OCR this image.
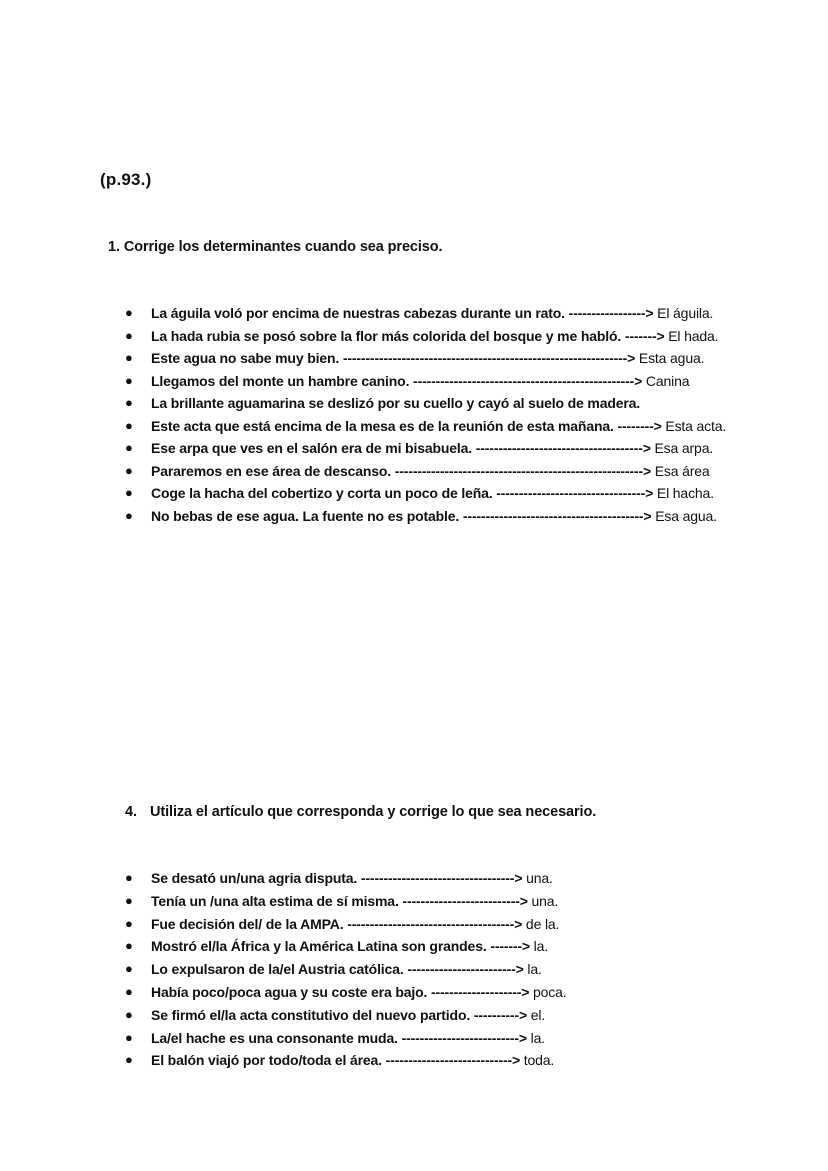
(p.93.)
1. Corrige los determinantes cuando sea preciso.
●	La águila voló por encima de nuestras cabezas durante un rato. -----------------> El águila.
●	La hada rubia se posó sobre la flor más colorida del bosque y me habló. -------> El hada.
●	Este agua no sabe muy bien. ---------------------------------------------------------------> Esta agua.
●	Llegamos del monte un hambre canino. -------------------------------------------------> Canina
●	La brillante aguamarina se deslizó por su cuello y cayó al suelo de madera.
●	Este acta que está encima de la mesa es de la reunión de esta mañana. --------> Esta acta.
●	Ese arpa que ves en el salón era de mi bisabuela. -------------------------------------> Esa arpa.
●	Pararemos en ese área de descanso. -------------------------------------------------------> Esa área
●	Coge la hacha del cobertizo y corta un poco de leña. ---------------------------------> El hacha.
●	No bebas de ese agua. La fuente no es potable. ----------------------------------------> Esa agua.
4. Utiliza el artículo que corresponda y corrige lo que sea necesario.
●	Se desató un/una agria disputa. ----------------------------------> una.
●	Tenía un /una alta estima de sí misma. --------------------------> una.
●	Fue decisión del/ de la AMPA. -------------------------------------> de la.
●	Mostró el/la África y la América Latina son grandes. -------> la.
●	Lo expulsaron de la/el Austria católica. ------------------------> la.
●	Había poco/poca agua y su coste era bajo. --------------------> poca.
●	Se firmó el/la acta constitutivo del nuevo partido. ----------> el.
●	La/el hache es una consonante muda. --------------------------> la.
●	El balón viajó por todo/toda el área. ----------------------------> toda.
